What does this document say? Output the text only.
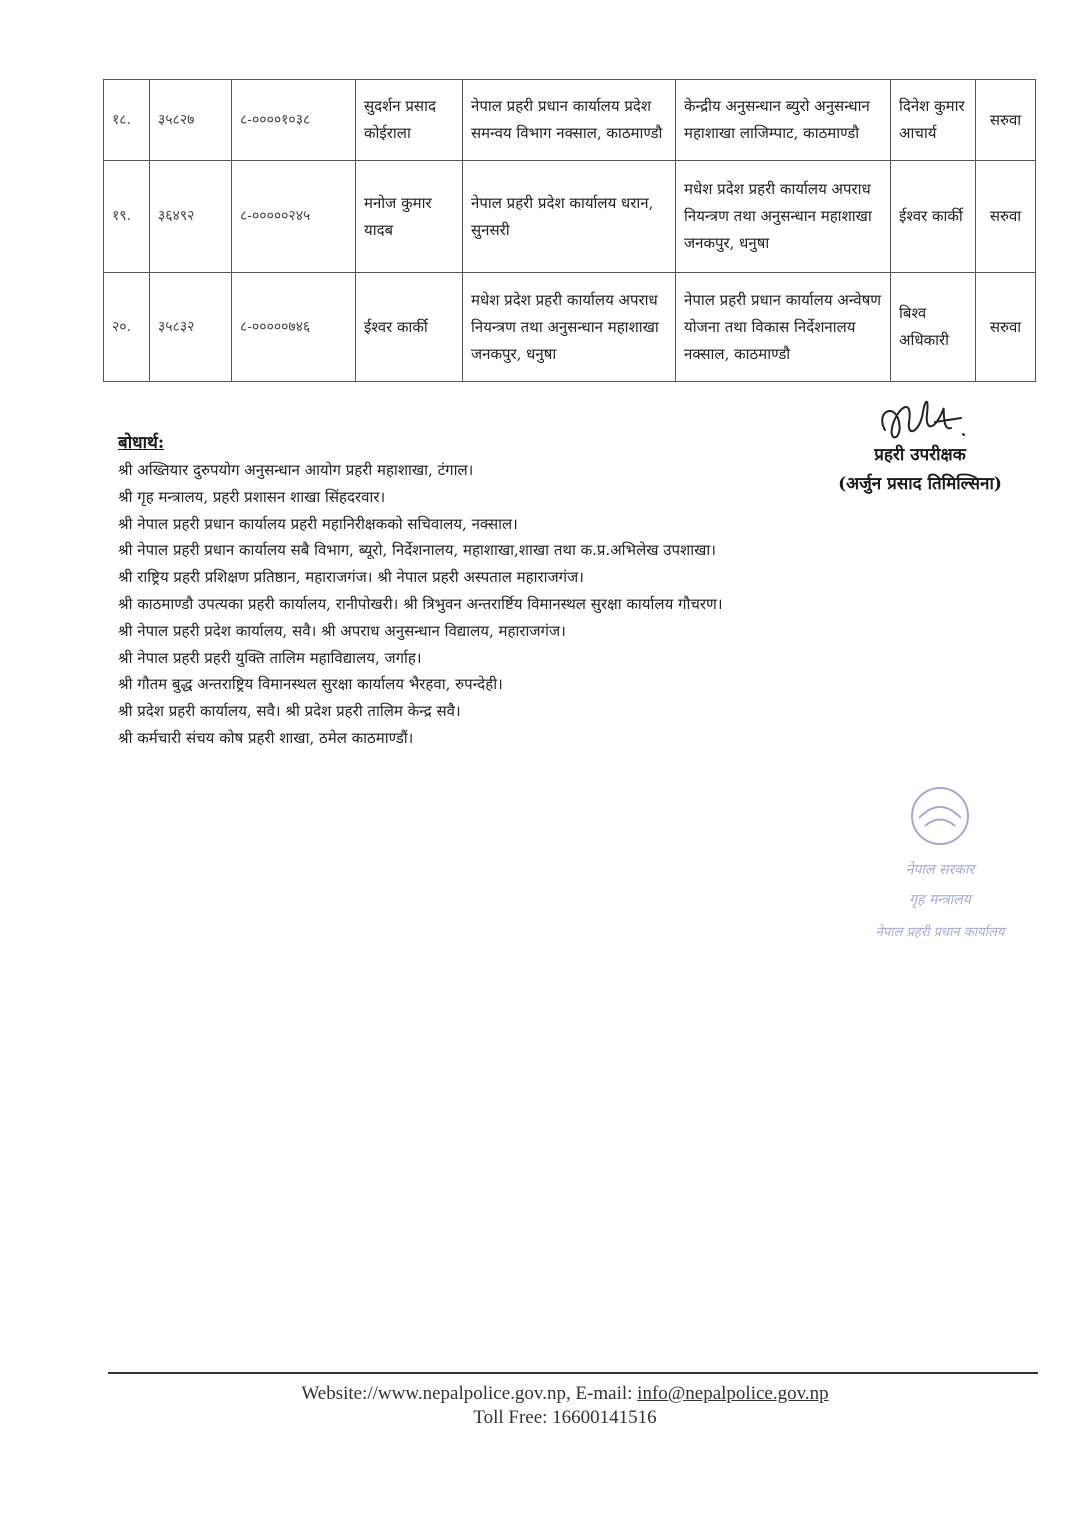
१८.	३५८२७	८-००००१०३८	सुदर्शन प्रसाद कोईराला	नेपाल प्रहरी प्रधान कार्यालय प्रदेश समन्वय विभाग नक्साल, काठमाण्डौ	केन्द्रीय अनुसन्धान ब्युरो अनुसन्धान महाशाखा लाजिम्पाट, काठमाण्डौ	दिनेश कुमार आचार्य	सरुवा
१९.	३६४९२	८-०००००२४५	मनोज कुमार यादब	नेपाल प्रहरी प्रदेश कार्यालय धरान, सुनसरी	मधेश प्रदेश प्रहरी कार्यालय अपराध नियन्त्रण तथा अनुसन्धान महाशाखा जनकपुर, धनुषा	ईश्वर कार्की	सरुवा
२०.	३५८३२	८-०००००७४६	ईश्वर कार्की	मधेश प्रदेश प्रहरी कार्यालय अपराध नियन्त्रण तथा अनुसन्धान महाशाखा जनकपुर, धनुषा	नेपाल प्रहरी प्रधान कार्यालय अन्वेषण योजना तथा विकास निर्देशनालय नक्साल, काठमाण्डौ	बिश्व अधिकारी	सरुवा
नेपाल सरकार
गृह मन्त्रालय
नेपाल प्रहरी प्रधान कार्यालय
बोधार्थ:
श्री अख्तियार दुरुपयोग अनुसन्धान आयोग प्रहरी महाशाखा, टंगाल।
श्री गृह मन्त्रालय, प्रहरी प्रशासन शाखा सिंहदरवार।
श्री नेपाल प्रहरी प्रधान कार्यालय प्रहरी महानिरीक्षकको सचिवालय, नक्साल।
श्री नेपाल प्रहरी प्रधान कार्यालय सबै विभाग, ब्यूरो, निर्देशनालय, महाशाखा,शाखा तथा क.प्र.अभिलेख उपशाखा।
श्री राष्ट्रिय प्रहरी प्रशिक्षण प्रतिष्ठान, महाराजगंज। श्री नेपाल प्रहरी अस्पताल महाराजगंज।
श्री काठमाण्डौ उपत्यका प्रहरी कार्यालय, रानीपोखरी। श्री त्रिभुवन अन्तरार्ष्टिय विमानस्थल सुरक्षा कार्यालय गौचरण।
श्री नेपाल प्रहरी प्रदेश कार्यालय, सवै। श्री अपराध अनुसन्धान विद्यालय, महाराजगंज।
श्री नेपाल प्रहरी प्रहरी युक्ति तालिम महाविद्यालय, जर्गाह।
श्री गौतम बुद्ध अन्तराष्ट्रिय विमानस्थल सुरक्षा कार्यालय भैरहवा, रुपन्देही।
श्री प्रदेश प्रहरी कार्यालय, सवै। श्री प्रदेश प्रहरी तालिम केन्द्र सवै।
श्री कर्मचारी संचय कोष प्रहरी शाखा, ठमेल काठमाण्डौं।
प्रहरी उपरीक्षक
(अर्जुन प्रसाद तिमिल्सिना)
Website://www.nepalpolice.gov.np, E-mail: info@nepalpolice.gov.np
Toll Free: 16600141516
